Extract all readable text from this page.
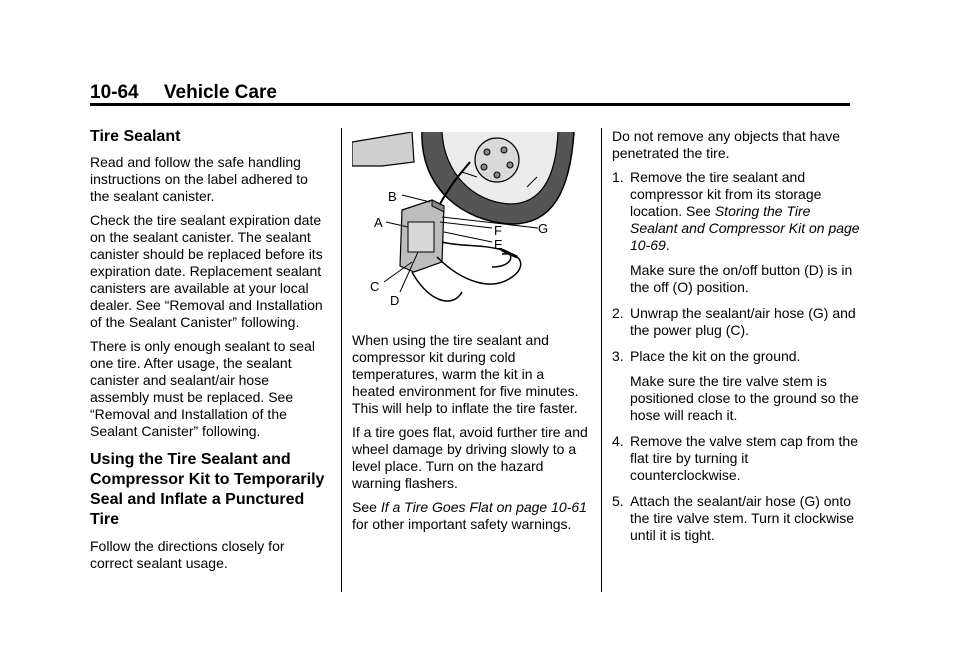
10-64 Vehicle Care
Tire Sealant

Read and follow the safe handling instructions on the label adhered to the sealant canister.

Check the tire sealant expiration date on the sealant canister. The sealant canister should be replaced before its expiration date. Replacement sealant canisters are available at your local dealer. See “Removal and Installation of the Sealant Canister” following.

There is only enough sealant to seal one tire. After usage, the sealant canister and sealant/air hose assembly must be replaced. See “Removal and Installation of the Sealant Canister” following.

Using the Tire Sealant and Compressor Kit to Temporarily Seal and Inflate a Punctured Tire

Follow the directions closely for correct sealant usage.

B
A
C
D
F
E
G

When using the tire sealant and compressor kit during cold temperatures, warm the kit in a heated environment for five minutes. This will help to inflate the tire faster.

If a tire goes flat, avoid further tire and wheel damage by driving slowly to a level place. Turn on the hazard warning flashers.

See If a Tire Goes Flat on page 10-61 for other important safety warnings.

Do not remove any objects that have penetrated the tire.

1. Remove the tire sealant and compressor kit from its storage location. See Storing the Tire Sealant and Compressor Kit on page 10-69.
Make sure the on/off button (D) is in the off (O) position.
2. Unwrap the sealant/air hose (G) and the power plug (C).
3. Place the kit on the ground.
Make sure the tire valve stem is positioned close to the ground so the hose will reach it.
4. Remove the valve stem cap from the flat tire by turning it counterclockwise.
5. Attach the sealant/air hose (G) onto the tire valve stem. Turn it clockwise until it is tight.
